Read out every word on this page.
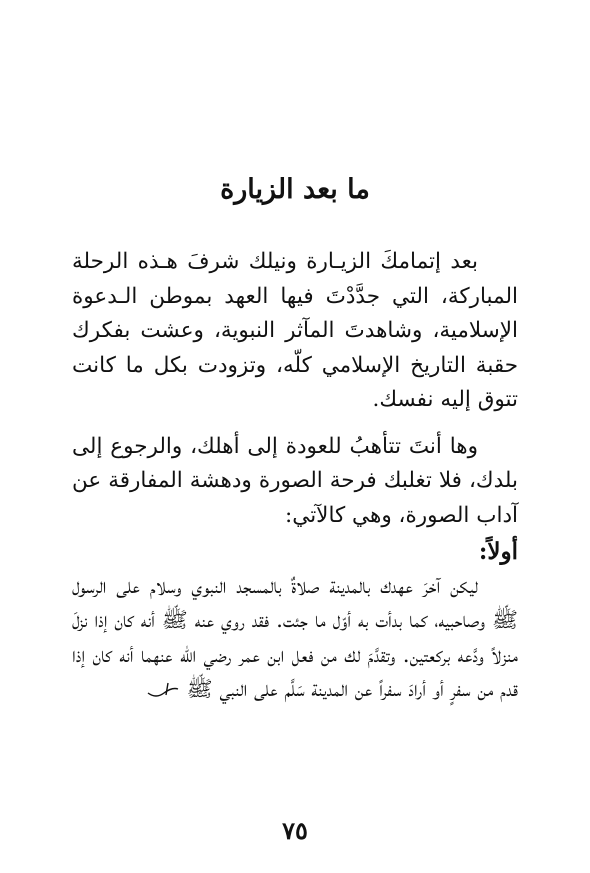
ما بعد الزيارة

بعد إتمامكَ الزيـارة ونيلك شرفَ هـذه الرحلة المباركة، التي جدَّدْتَ فيها العهد بموطن الـدعوة الإسلامية، وشاهدتَ المآثر النبوية، وعشت بفكرك حقبة التاريخ الإسلامي كلّه، وتزودت بكل ما كانت تتوق إليه نفسك.

وها أنتَ تتأهبُ للعودة إلى أهلك، والرجوع إلى بلدك، فلا تغلبك فرحة الصورة ودهشة المفارقة عن آداب الصورة، وهي كالآتي:

أولاً:

ليكن آخرَ عهدك بالمدينة صلاةٌ بالمسجد النبوي وسلام على الرسول ﷺ وصاحبيه، كما بدأت به أوّل ما جئت. فقد روي عنه ﷺ أنه كان إذا نزلَ منزلاً ودَّعه بركعتين. وتقدَّمَ لك من فعل ابن عمر رضي الله عنهما أنه كان إذا قدم من سفرٍ أو أرادَ سفراً عن المدينة سَلَّم على النبي ﷺ

٧٥
